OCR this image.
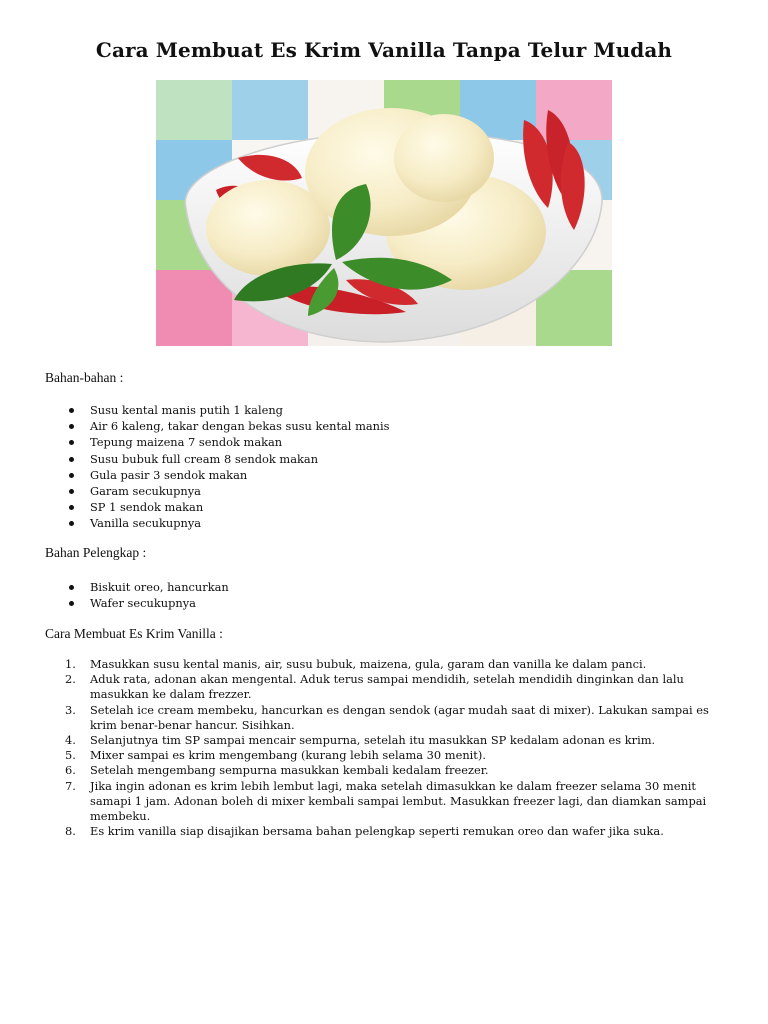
Cara Membuat Es Krim Vanilla Tanpa Telur Mudah
Bahan-bahan :
Susu kental manis putih 1 kaleng
Air 6 kaleng, takar dengan bekas susu kental manis
Tepung maizena 7 sendok makan
Susu bubuk full cream 8 sendok makan
Gula pasir 3 sendok makan
Garam secukupnya
SP 1 sendok makan
Vanilla secukupnya
Bahan Pelengkap :
Biskuit oreo, hancurkan
Wafer secukupnya
Cara Membuat Es Krim Vanilla :
1. Masukkan susu kental manis, air, susu bubuk, maizena, gula, garam dan vanilla ke dalam panci.
2. Aduk rata, adonan akan mengental. Aduk terus sampai mendidih, setelah mendidih dinginkan dan lalu masukkan ke dalam frezzer.
3. Setelah ice cream membeku, hancurkan es dengan sendok (agar mudah saat di mixer). Lakukan sampai es krim benar-benar hancur. Sisihkan.
4. Selanjutnya tim SP sampai mencair sempurna, setelah itu masukkan SP kedalam adonan es krim.
5. Mixer sampai es krim mengembang (kurang lebih selama 30 menit).
6. Setelah mengembang sempurna masukkan kembali kedalam freezer.
7. Jika ingin adonan es krim lebih lembut lagi, maka setelah dimasukkan ke dalam freezer selama 30 menit samapi 1 jam. Adonan boleh di mixer kembali sampai lembut. Masukkan freezer lagi, dan diamkan sampai membeku.
8. Es krim vanilla siap disajikan bersama bahan pelengkap seperti remukan oreo dan wafer jika suka.
